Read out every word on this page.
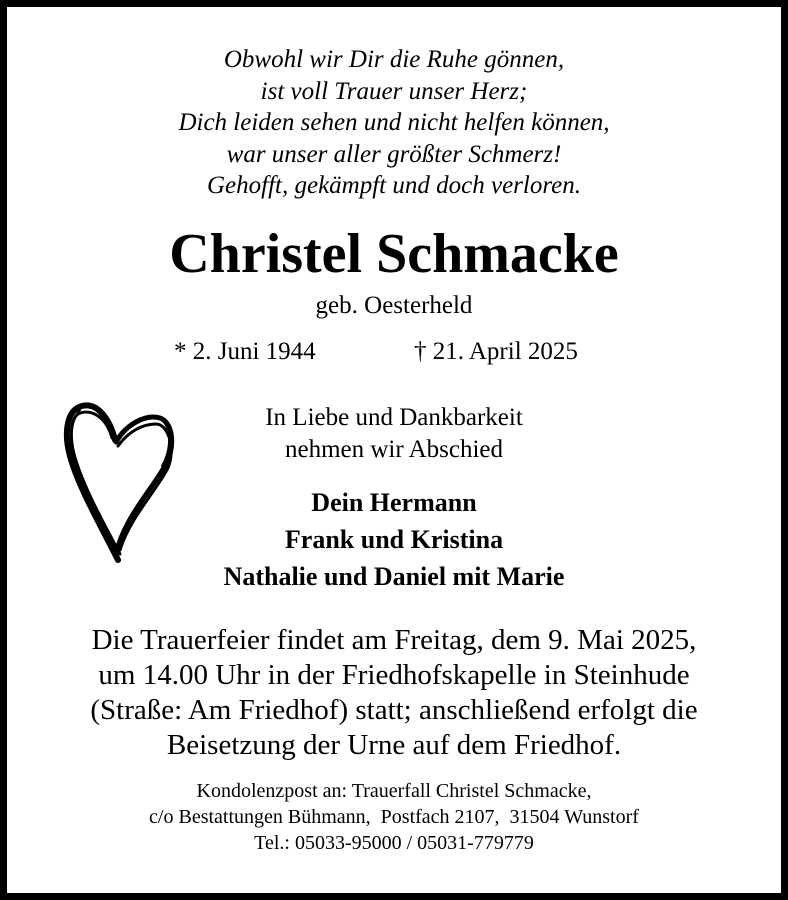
Obwohl wir Dir die Ruhe gönnen,
ist voll Trauer unser Herz;
Dich leiden sehen und nicht helfen können,
war unser aller größter Schmerz!
Gehofft, gekämpft und doch verloren.
Christel Schmacke
geb. Oesterheld
* 2. Juni 1944	† 21. April 2025
In Liebe und Dankbarkeit
nehmen wir Abschied
Dein Hermann
Frank und Kristina
Nathalie und Daniel mit Marie
Die Trauerfeier findet am Freitag, dem 9. Mai 2025,
um 14.00 Uhr in der Friedhofskapelle in Steinhude
(Straße: Am Friedhof) statt; anschließend erfolgt die
Beisetzung der Urne auf dem Friedhof.
Kondolenzpost an: Trauerfall Christel Schmacke,
c/o Bestattungen Bühmann,  Postfach 2107,  31504 Wunstorf
Tel.: 05033-95000 / 05031-779779
